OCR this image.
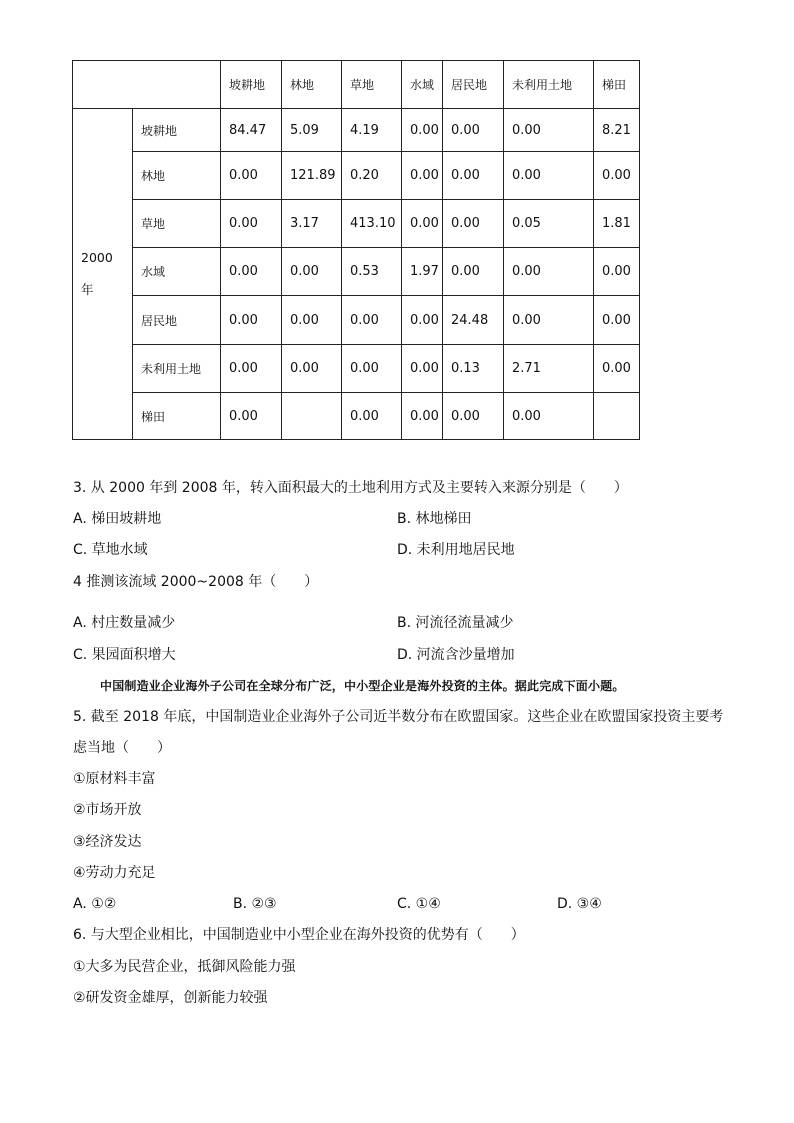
		坡耕地	林地	草地	水域	居民地	未利用土地	梯田
2000
年	坡耕地	84.47	5.09	4.19	0.00	0.00	0.00	8.21
	林地	0.00	121.89	0.20	0.00	0.00	0.00	0.00
	草地	0.00	3.17	413.10	0.00	0.00	0.05	1.81
	水域	0.00	0.00	0.53	1.97	0.00	0.00	0.00
	居民地	0.00	0.00	0.00	0.00	24.48	0.00	0.00
	未利用土地	0.00	0.00	0.00	0.00	0.13	2.71	0.00
	梯田	0.00		0.00	0.00	0.00	0.00	
3. 从 2000 年到 2008 年，转入面积最大的土地利用方式及主要转入来源分别是（　　）
A. 梯田坡耕地	B. 林地梯田
C. 草地水域	D. 未利用地居民地
4 推测该流域 2000~2008 年（　　）
A. 村庄数量减少	B. 河流径流量减少
C. 果园面积增大	D. 河流含沙量增加
中国制造业企业海外子公司在全球分布广泛，中小型企业是海外投资的主体。据此完成下面小题。
5. 截至 2018 年底，中国制造业企业海外子公司近半数分布在欧盟国家。这些企业在欧盟国家投资主要考
虑当地（　　）
①原材料丰富
②市场开放
③经济发达
④劳动力充足
A. ①②	B. ②③	C. ①④	D. ③④
6. 与大型企业相比，中国制造业中小型企业在海外投资的优势有（　　）
①大多为民营企业，抵御风险能力强
②研发资金雄厚，创新能力较强
